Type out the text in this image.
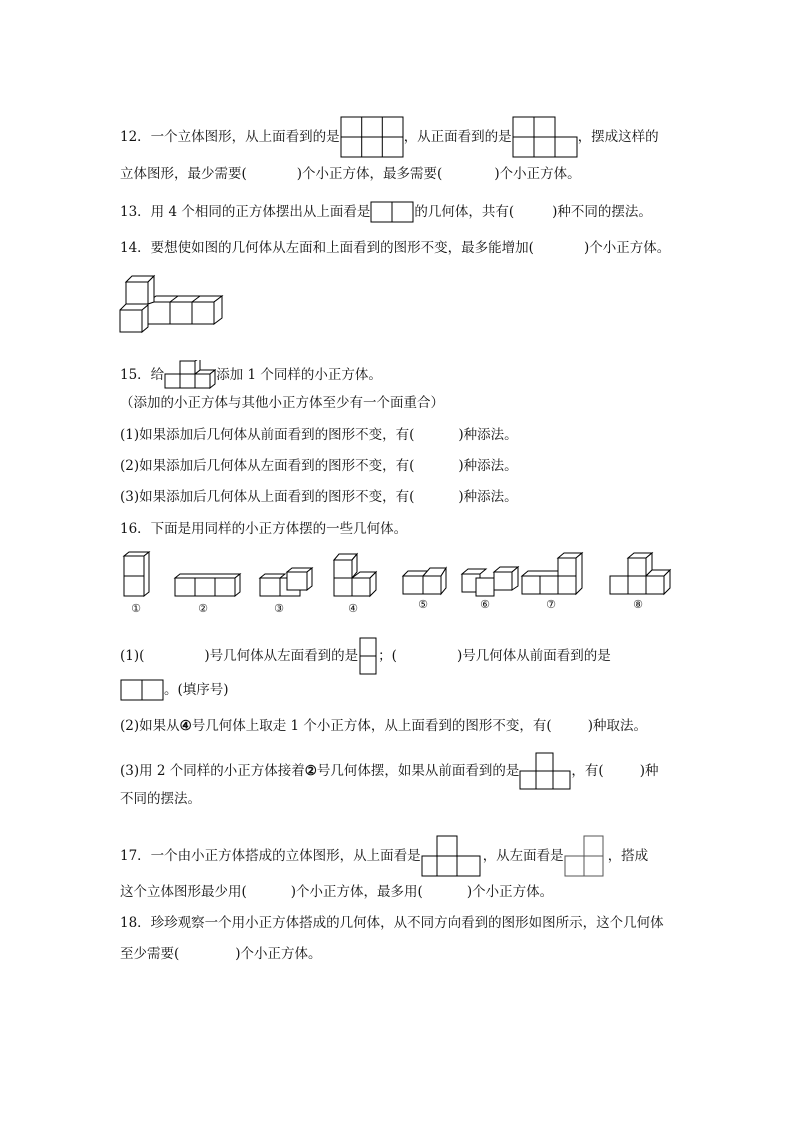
12．一个立体图形，从上面看到的是	，从正面看到的是	，摆成这样的
立体图形，最少需要(	)个小正方体，最多需要(	)个小正方体。
13．用 4 个相同的正方体摆出从上面看是	的几何体，共有(	)种不同的摆法。
14．要想使如图的几何体从左面和上面看到的图形不变，最多能增加(	)个小正方体。
15．给	添加 1 个同样的小正方体。
（添加的小正方体与其他小正方体至少有一个面重合）
(1)如果添加后几何体从前面看到的图形不变，有(	)种添法。
(2)如果添加后几何体从左面看到的图形不变，有(	)种添法。
(3)如果添加后几何体从上面看到的图形不变，有(	)种添法。
16．下面是用同样的小正方体摆的一些几何体。
①	②	③	④	⑤	⑥	⑦	⑧
(1)(	)号几何体从左面看到的是 ；(	)号几何体从前面看到的是
。(填序号)
(2)如果从 ④ 号几何体上取走 1 个小正方体，从上面看到的图形不变，有(	)种取法。
(3)用 2 个同样的小正方体接着 ② 号几何体摆，如果从前面看到的是	，有(	)种
不同的摆法。
17．一个由小正方体搭成的立体图形，从上面看是	，从左面看是	，搭成
这个立体图形最少用(	)个小正方体，最多用(	)个小正方体。
18．珍珍观察一个用小正方体搭成的几何体，从不同方向看到的图形如图所示，这个几何体
至少需要(	)个小正方体。
